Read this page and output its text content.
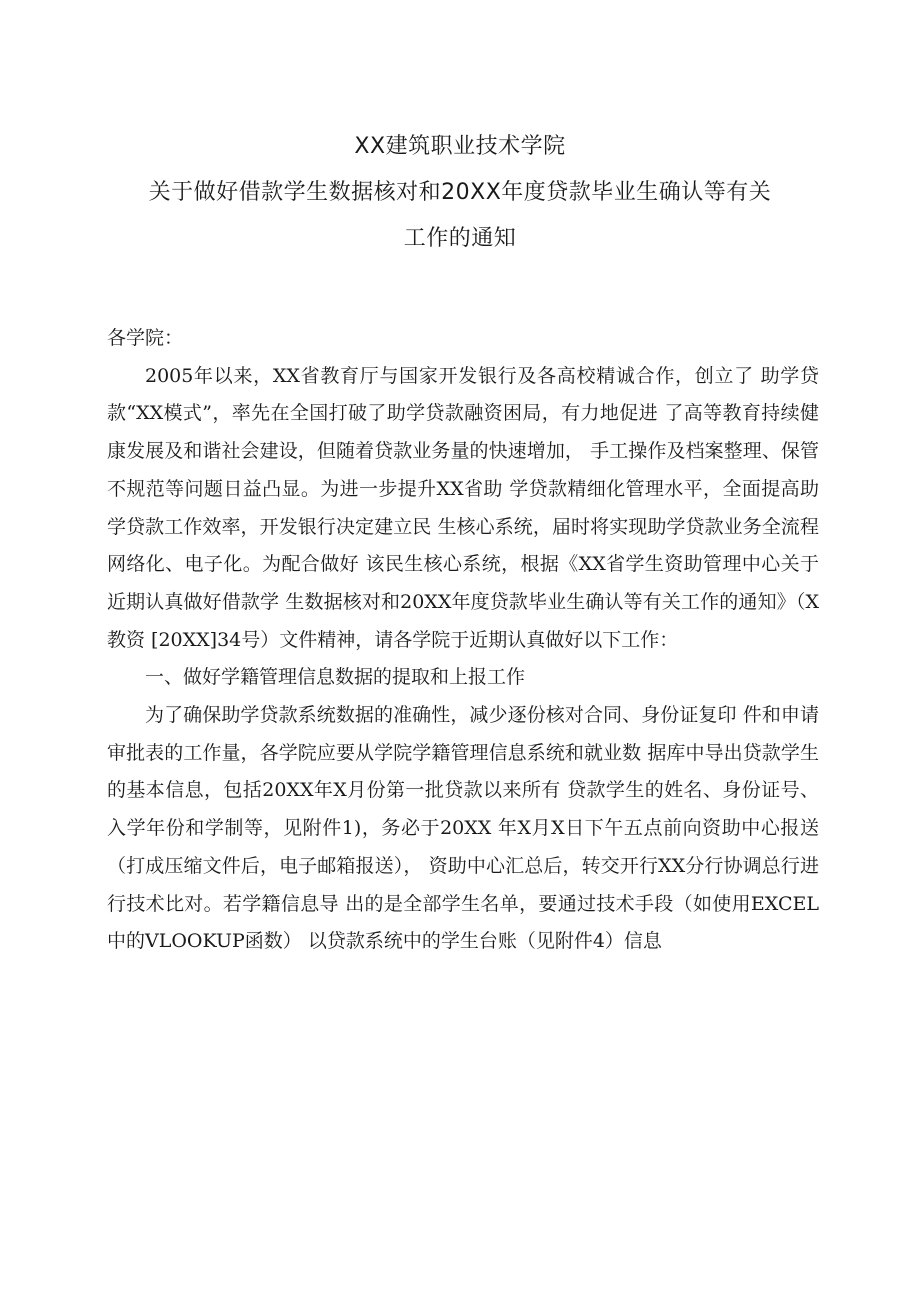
XX建筑职业技术学院
关于做好借款学生数据核对和20XX年度贷款毕业生确认等有关
工作的通知

各学院：

2005年以来，XX省教育厅与国家开发银行及各高校精诚合作，创立了 助学贷款“XX模式”，率先在全国打破了助学贷款融资困局，有力地促进 了高等教育持续健康发展及和谐社会建设，但随着贷款业务量的快速增加， 手工操作及档案整理、保管不规范等问题日益凸显。为进一步提升XX省助 学贷款精细化管理水平，全面提高助学贷款工作效率，开发银行决定建立民 生核心系统，届时将实现助学贷款业务全流程网络化、电子化。为配合做好 该民生核心系统，根据《XX省学生资助管理中心关于近期认真做好借款学 生数据核对和20XX年度贷款毕业生确认等有关工作的通知》（X教资 [20XX]34号）文件精神，请各学院于近期认真做好以下工作：

一、做好学籍管理信息数据的提取和上报工作

为了确保助学贷款系统数据的准确性，减少逐份核对合同、身份证复印 件和申请审批表的工作量，各学院应要从学院学籍管理信息系统和就业数 据库中导出贷款学生的基本信息，包括20XX年X月份第一批贷款以来所有 贷款学生的姓名、身份证号、入学年份和学制等，见附件1)，务必于20XX 年X月X日下午五点前向资助中心报送（打成压缩文件后，电子邮箱报送）， 资助中心汇总后，转交开行XX分行协调总行进行技术比对。若学籍信息导 出的是全部学生名单，要通过技术手段（如使用EXCEL中的VLOOKUP函数） 以贷款系统中的学生台账（见附件4）信息
